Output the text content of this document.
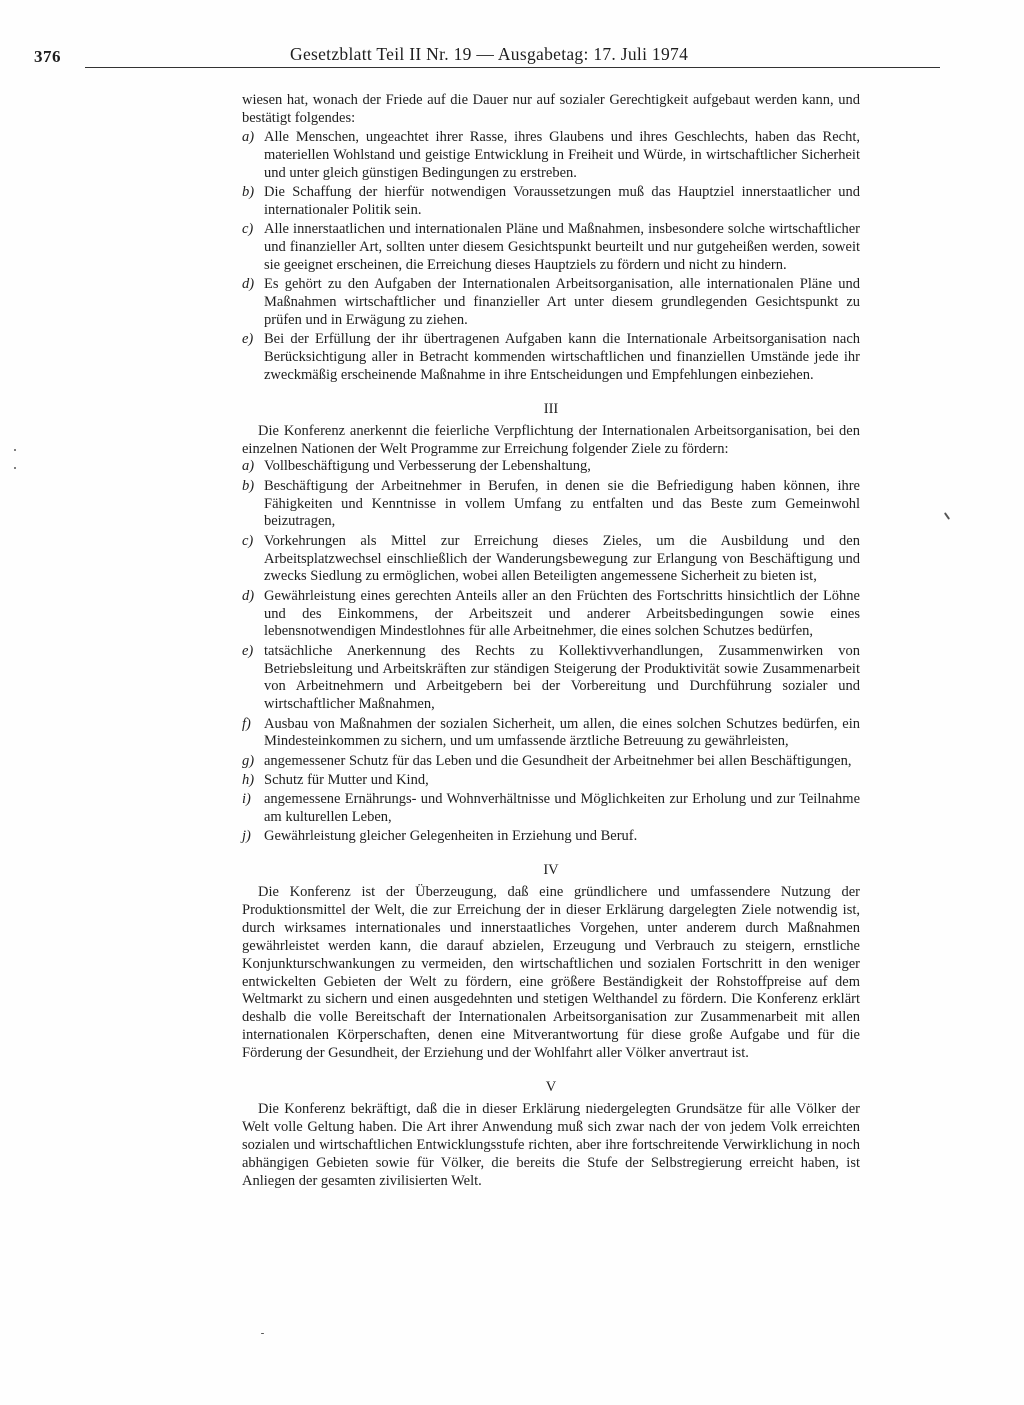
376	Gesetzblatt Teil II Nr. 19 — Ausgabetag: 17. Juli 1974

wiesen hat, wonach der Friede auf die Dauer nur auf sozialer Gerechtigkeit aufgebaut werden kann, und bestätigt folgendes:

a) Alle Menschen, ungeachtet ihrer Rasse, ihres Glaubens und ihres Geschlechts, haben das Recht, materiellen Wohlstand und geistige Entwicklung in Freiheit und Würde, in wirtschaftlicher Sicherheit und unter gleich günstigen Bedingungen zu erstreben.
b) Die Schaffung der hierfür notwendigen Voraussetzungen muß das Hauptziel innerstaatlicher und internationaler Politik sein.
c) Alle innerstaatlichen und internationalen Pläne und Maßnahmen, insbesondere solche wirtschaftlicher und finanzieller Art, sollten unter diesem Gesichtspunkt beurteilt und nur gutgeheißen werden, soweit sie geeignet erscheinen, die Erreichung dieses Hauptziels zu fördern und nicht zu hindern.
d) Es gehört zu den Aufgaben der Internationalen Arbeitsorganisation, alle internationalen Pläne und Maßnahmen wirtschaftlicher und finanzieller Art unter diesem grundlegenden Gesichtspunkt zu prüfen und in Erwägung zu ziehen.
e) Bei der Erfüllung der ihr übertragenen Aufgaben kann die Internationale Arbeitsorganisation nach Berücksichtigung aller in Betracht kommenden wirtschaftlichen und finanziellen Umstände jede ihr zweckmäßig erscheinende Maßnahme in ihre Entscheidungen und Empfehlungen einbeziehen.
III

Die Konferenz anerkennt die feierliche Verpflichtung der Internationalen Arbeitsorganisation, bei den einzelnen Nationen der Welt Programme zur Erreichung folgender Ziele zu fördern:

a) Vollbeschäftigung und Verbesserung der Lebenshaltung,
b) Beschäftigung der Arbeitnehmer in Berufen, in denen sie die Befriedigung haben können, ihre Fähigkeiten und Kenntnisse in vollem Umfang zu entfalten und das Beste zum Gemeinwohl beizutragen,
c) Vorkehrungen als Mittel zur Erreichung dieses Zieles, um die Ausbildung und den Arbeitsplatzwechsel einschließlich der Wanderungsbewegung zur Erlangung von Beschäftigung und zwecks Siedlung zu ermöglichen, wobei allen Beteiligten angemessene Sicherheit zu bieten ist,
d) Gewährleistung eines gerechten Anteils aller an den Früchten des Fortschritts hinsichtlich der Löhne und des Einkommens, der Arbeitszeit und anderer Arbeitsbedingungen sowie eines lebensnotwendigen Mindestlohnes für alle Arbeitnehmer, die eines solchen Schutzes bedürfen,
e) tatsächliche Anerkennung des Rechts zu Kollektivverhandlungen, Zusammenwirken von Betriebsleitung und Arbeitskräften zur ständigen Steigerung der Produktivität sowie Zusammenarbeit von Arbeitnehmern und Arbeitgebern bei der Vorbereitung und Durchführung sozialer und wirtschaftlicher Maßnahmen,
f) Ausbau von Maßnahmen der sozialen Sicherheit, um allen, die eines solchen Schutzes bedürfen, ein Mindesteinkommen zu sichern, und um umfassende ärztliche Betreuung zu gewährleisten,
g) angemessener Schutz für das Leben und die Gesundheit der Arbeitnehmer bei allen Beschäftigungen,
h) Schutz für Mutter und Kind,
i) angemessene Ernährungs- und Wohnverhältnisse und Möglichkeiten zur Erholung und zur Teilnahme am kulturellen Leben,
j) Gewährleistung gleicher Gelegenheiten in Erziehung und Beruf.
IV

Die Konferenz ist der Überzeugung, daß eine gründlichere und umfassendere Nutzung der Produktionsmittel der Welt, die zur Erreichung der in dieser Erklärung dargelegten Ziele notwendig ist, durch wirksames internationales und innerstaatliches Vorgehen, unter anderem durch Maßnahmen gewährleistet werden kann, die darauf abzielen, Erzeugung und Verbrauch zu steigern, ernstliche Konjunkturschwankungen zu vermeiden, den wirtschaftlichen und sozialen Fortschritt in den weniger entwickelten Gebieten der Welt zu fördern, eine größere Beständigkeit der Rohstoffpreise auf dem Weltmarkt zu sichern und einen ausgedehnten und stetigen Welthandel zu fördern. Die Konferenz erklärt deshalb die volle Bereitschaft der Internationalen Arbeitsorganisation zur Zusammenarbeit mit allen internationalen Körperschaften, denen eine Mitverantwortung für diese große Aufgabe und für die Förderung der Gesundheit, der Erziehung und der Wohlfahrt aller Völker anvertraut ist.

V

Die Konferenz bekräftigt, daß die in dieser Erklärung niedergelegten Grundsätze für alle Völker der Welt volle Geltung haben. Die Art ihrer Anwendung muß sich zwar nach der von jedem Volk erreichten sozialen und wirtschaftlichen Entwicklungsstufe richten, aber ihre fortschreitende Verwirklichung in noch abhängigen Gebieten sowie für Völker, die bereits die Stufe der Selbstregierung erreicht haben, ist Anliegen der gesamten zivilisierten Welt.
